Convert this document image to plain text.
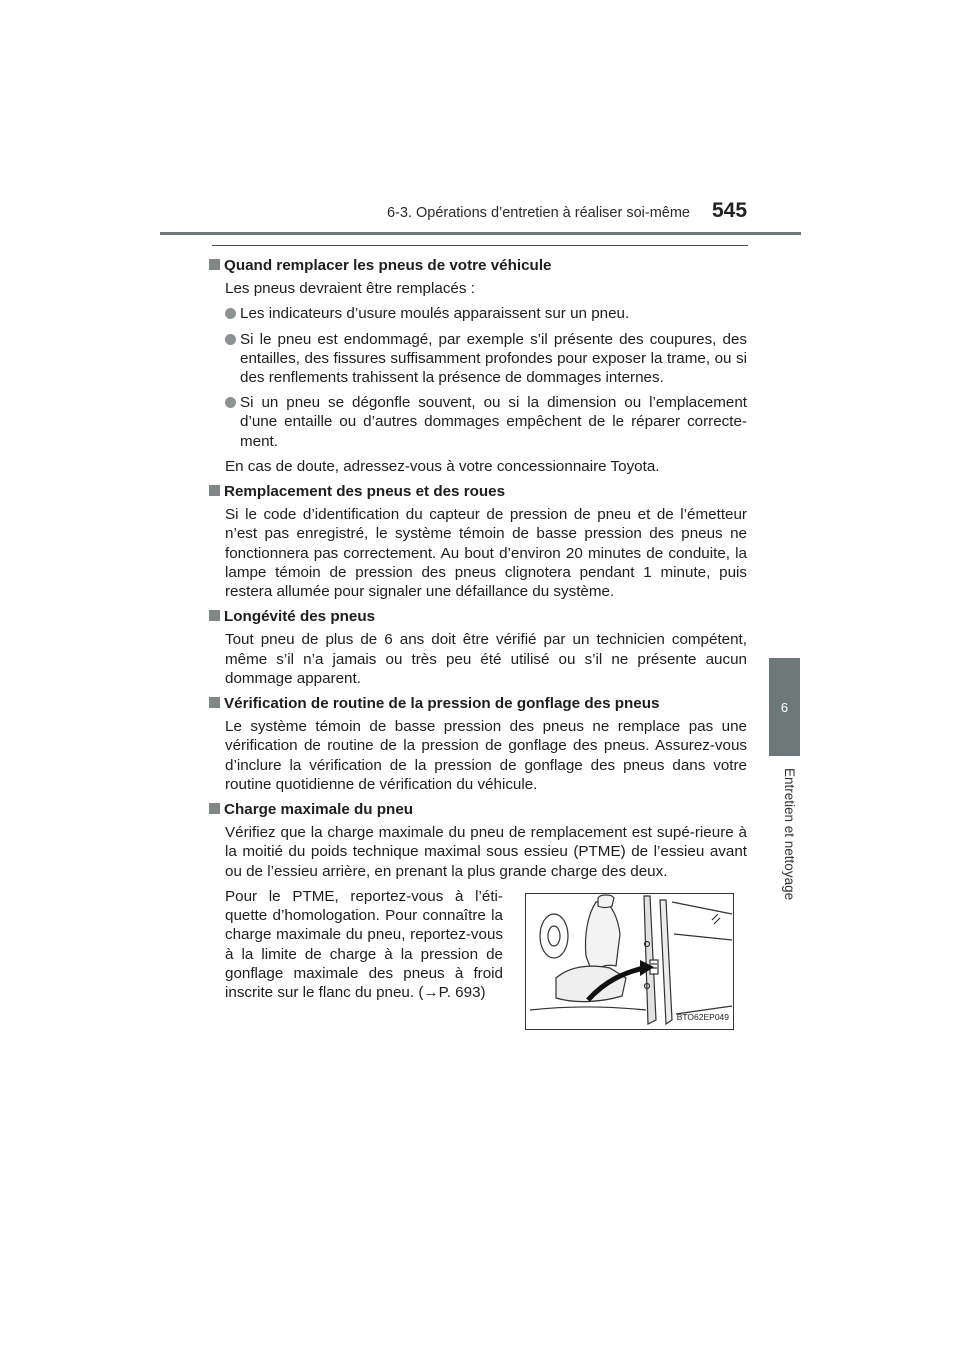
6-3. Opérations d’entretien à réaliser soi-même 545
6
Entretien et nettoyage
Quand remplacer les pneus de votre véhicule

Les pneus devraient être remplacés :

Les indicateurs d’usure moulés apparaissent sur un pneu.
Si le pneu est endommagé, par exemple s’il présente des coupures, des entailles, des fissures suffisamment profondes pour exposer la trame, ou si des renflements trahissent la présence de dommages internes.
Si un pneu se dégonfle souvent, ou si la dimension ou l’emplacement d’une entaille ou d’autres dommages empêchent de le réparer correcte-ment.

En cas de doute, adressez-vous à votre concessionnaire Toyota.

Remplacement des pneus et des roues

Si le code d’identification du capteur de pression de pneu et de l’émetteur n’est pas enregistré, le système témoin de basse pression des pneus ne fonctionnera pas correctement. Au bout d’environ 20 minutes de conduite, la lampe témoin de pression des pneus clignotera pendant 1 minute, puis restera allumée pour signaler une défaillance du système.

Longévité des pneus

Tout pneu de plus de 6 ans doit être vérifié par un technicien compétent, même s’il n’a jamais ou très peu été utilisé ou s’il ne présente aucun dommage apparent.

Vérification de routine de la pression de gonflage des pneus

Le système témoin de basse pression des pneus ne remplace pas une vérification de routine de la pression de gonflage des pneus. Assurez-vous d’inclure la vérification de la pression de gonflage des pneus dans votre routine quotidienne de vérification du véhicule.

Charge maximale du pneu

Vérifiez que la charge maximale du pneu de remplacement est supé-rieure à la moitié du poids technique maximal sous essieu (PTME) de l’essieu avant ou de l’essieu arrière, en prenant la plus grande charge des deux.

Pour le PTME, reportez-vous à l’éti-quette d’homologation. Pour connaître la charge maximale du pneu, reportez-vous à la limite de charge à la pression de gonflage maximale des pneus à froid inscrite sur le flanc du pneu. (→P. 693)

BTO62EP049
